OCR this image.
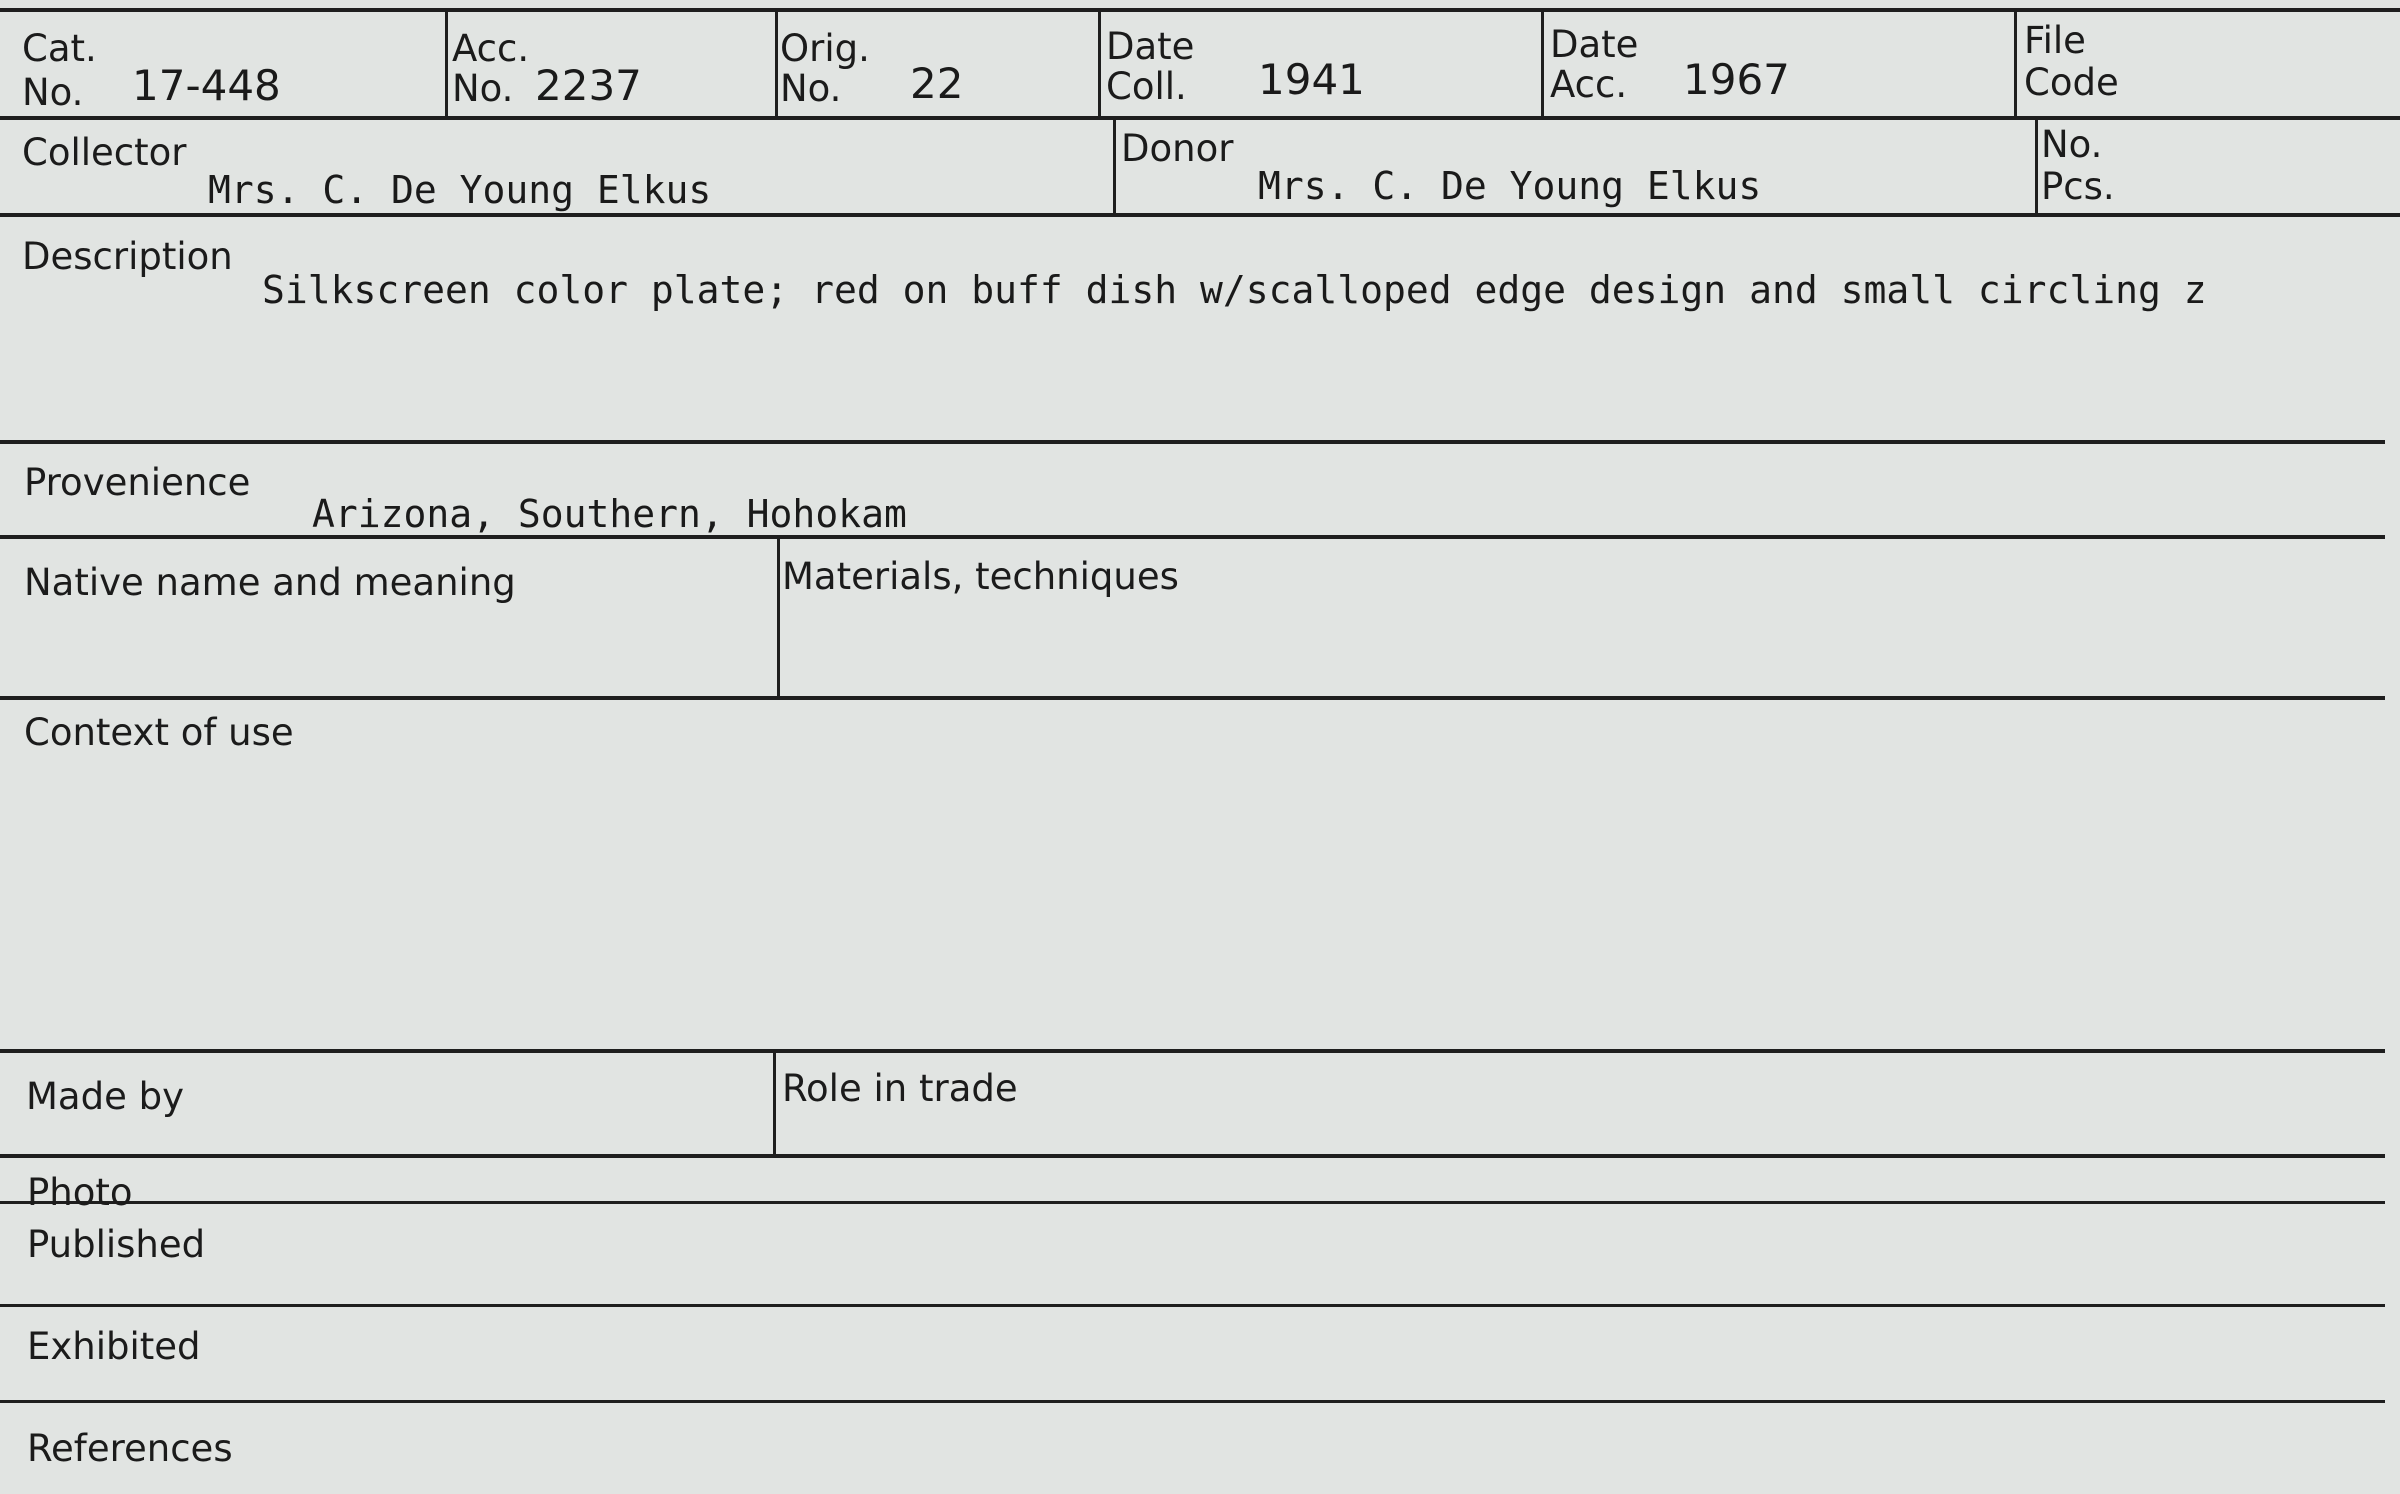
Cat.
No. 17-448
Acc.
No. 2237
Orig.
No. 22
Date
Coll. 1941
Date
Acc. 1967
File
Code
Collector
Mrs. C. De Young Elkus
Donor
Mrs. C. De Young Elkus
No.
Pcs.
Description
Silkscreen color plate; red on buff dish w/scalloped edge design and small circling z
Provenience
Arizona, Southern, Hohokam
Native name and meaning	Materials, techniques
Context of use
Made by	Role in trade
Photo
Published
Exhibited
References
